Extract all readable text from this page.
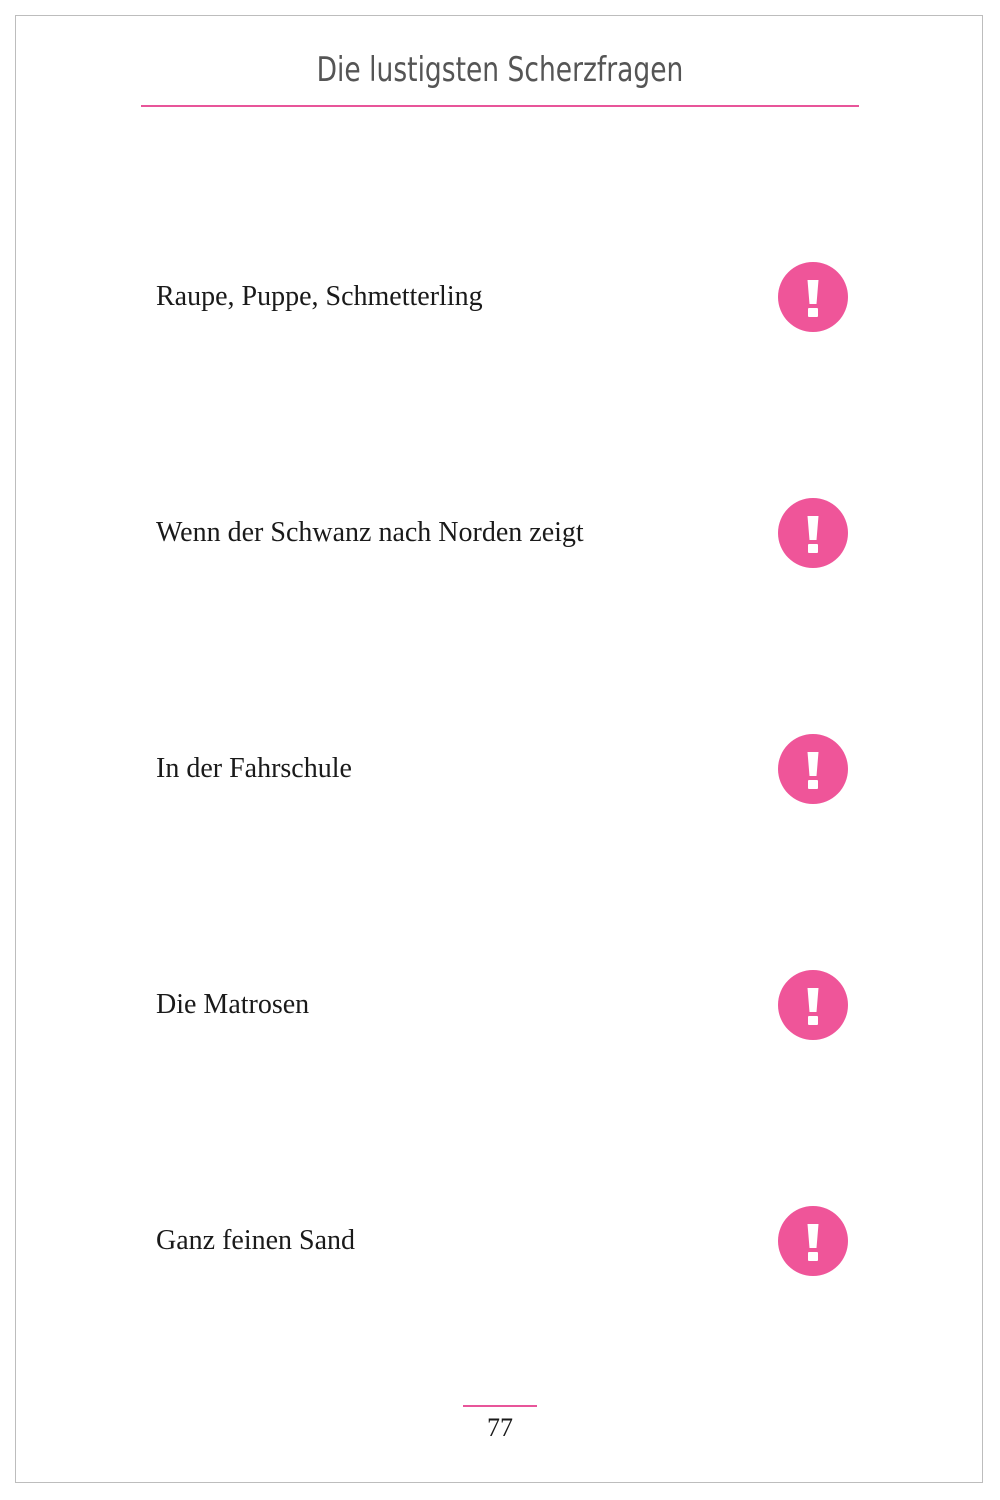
Die lustigsten Scherzfragen
Raupe, Puppe, Schmetterling
Wenn der Schwanz nach Norden zeigt
In der Fahrschule
Die Matrosen
Ganz feinen Sand
77
